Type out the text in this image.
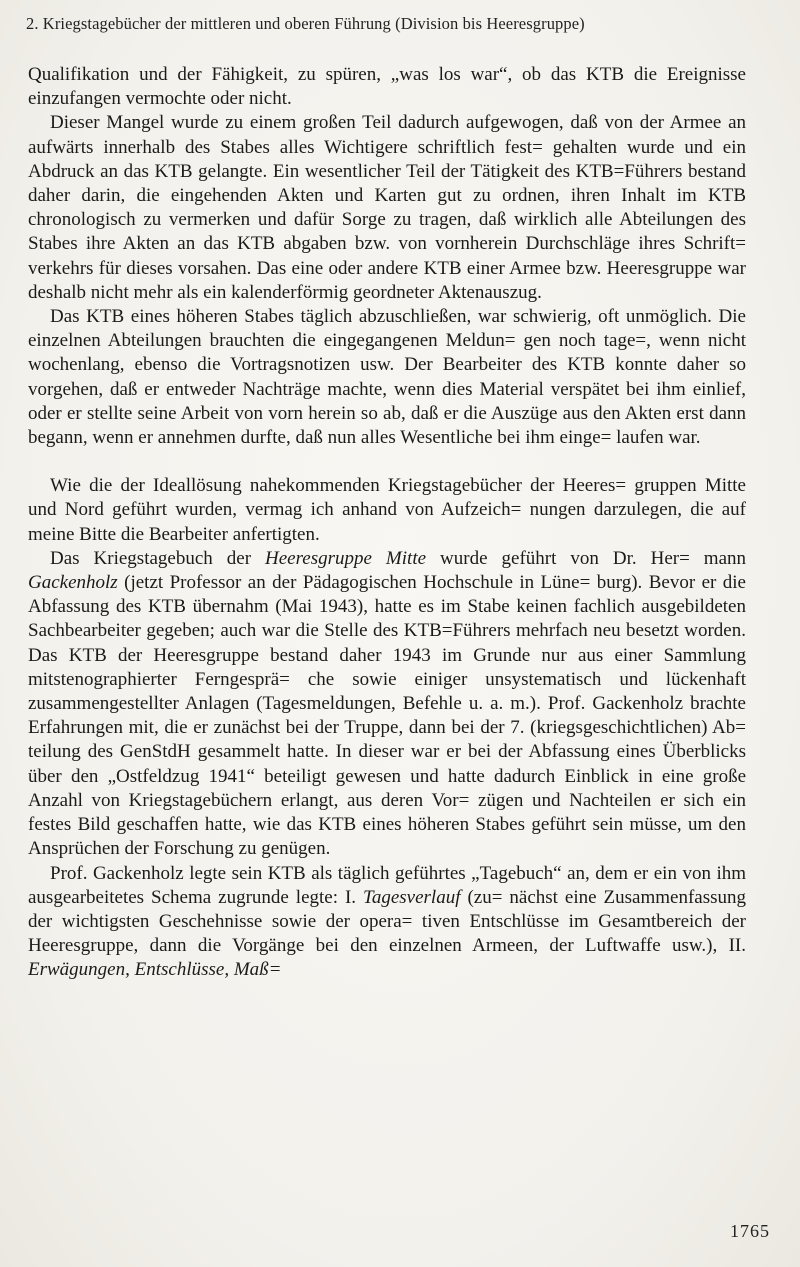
2. Kriegstagebücher der mittleren und oberen Führung (Division bis Heeresgruppe)

Qualifikation und der Fähigkeit, zu spüren, „was los war“, ob das KTB die Ereignisse einzufangen vermochte oder nicht.

Dieser Mangel wurde zu einem großen Teil dadurch aufgewogen, daß von der Armee an aufwärts innerhalb des Stabes alles Wichtigere schriftlich fest= gehalten wurde und ein Abdruck an das KTB gelangte. Ein wesentlicher Teil der Tätigkeit des KTB=Führers bestand daher darin, die eingehenden Akten und Karten gut zu ordnen, ihren Inhalt im KTB chronologisch zu vermerken und dafür Sorge zu tragen, daß wirklich alle Abteilungen des Stabes ihre Akten an das KTB abgaben bzw. von vornherein Durchschläge ihres Schrift= verkehrs für dieses vorsahen. Das eine oder andere KTB einer Armee bzw. Heeresgruppe war deshalb nicht mehr als ein kalenderförmig geordneter Aktenauszug.

Das KTB eines höheren Stabes täglich abzuschließen, war schwierig, oft unmöglich. Die einzelnen Abteilungen brauchten die eingegangenen Meldun= gen noch tage=, wenn nicht wochenlang, ebenso die Vortragsnotizen usw. Der Bearbeiter des KTB konnte daher so vorgehen, daß er entweder Nachträge machte, wenn dies Material verspätet bei ihm einlief, oder er stellte seine Arbeit von vorn herein so ab, daß er die Auszüge aus den Akten erst dann begann, wenn er annehmen durfte, daß nun alles Wesentliche bei ihm einge= laufen war.

Wie die der Ideallösung nahekommenden Kriegstagebücher der Heeres= gruppen Mitte und Nord geführt wurden, vermag ich anhand von Aufzeich= nungen darzulegen, die auf meine Bitte die Bearbeiter anfertigten.

Das Kriegstagebuch der Heeresgruppe Mitte wurde geführt von Dr. Her= mann Gackenholz (jetzt Professor an der Pädagogischen Hochschule in Lüne= burg). Bevor er die Abfassung des KTB übernahm (Mai 1943), hatte es im Stabe keinen fachlich ausgebildeten Sachbearbeiter gegeben; auch war die Stelle des KTB=Führers mehrfach neu besetzt worden. Das KTB der Heeresgruppe bestand daher 1943 im Grunde nur aus einer Sammlung mitstenographierter Ferngesprä= che sowie einiger unsystematisch und lückenhaft zusammengestellter Anlagen (Tagesmeldungen, Befehle u. a. m.). Prof. Gackenholz brachte Erfahrungen mit, die er zunächst bei der Truppe, dann bei der 7. (kriegsgeschichtlichen) Ab= teilung des GenStdH gesammelt hatte. In dieser war er bei der Abfassung eines Überblicks über den „Ostfeldzug 1941“ beteiligt gewesen und hatte dadurch Einblick in eine große Anzahl von Kriegstagebüchern erlangt, aus deren Vor= zügen und Nachteilen er sich ein festes Bild geschaffen hatte, wie das KTB eines höheren Stabes geführt sein müsse, um den Ansprüchen der Forschung zu genügen.

Prof. Gackenholz legte sein KTB als täglich geführtes „Tagebuch“ an, dem er ein von ihm ausgearbeitetes Schema zugrunde legte: I. Tagesverlauf (zu= nächst eine Zusammenfassung der wichtigsten Geschehnisse sowie der opera= tiven Entschlüsse im Gesamtbereich der Heeresgruppe, dann die Vorgänge bei den einzelnen Armeen, der Luftwaffe usw.), II. Erwägungen, Entschlüsse, Maß=

1765
